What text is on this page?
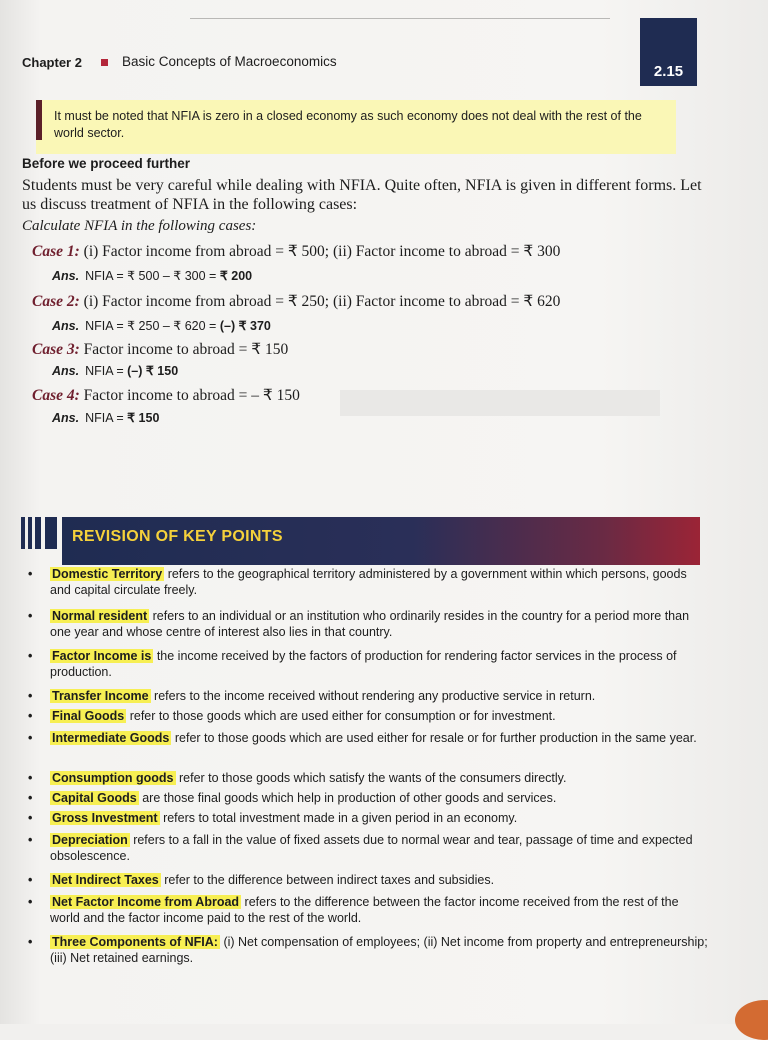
Chapter 2	Basic Concepts of Macroeconomics
2.15
It must be noted that NFIA is zero in a closed economy as such economy does not deal with the rest of the world sector.
Before we proceed further
Students must be very careful while dealing with NFIA. Quite often, NFIA is given in different forms. Let us discuss treatment of NFIA in the following cases:
Calculate NFIA in the following cases:
Case 1: (i) Factor income from abroad = ₹ 500; (ii) Factor income to abroad = ₹ 300
Ans. NFIA = ₹ 500 – ₹ 300 = ₹ 200
Case 2: (i) Factor income from abroad = ₹ 250; (ii) Factor income to abroad = ₹ 620
Ans. NFIA = ₹ 250 – ₹ 620 = (–) ₹ 370
Case 3: Factor income to abroad = ₹ 150
Ans. NFIA = (–) ₹ 150
Case 4: Factor income to abroad = – ₹ 150
Ans. NFIA = ₹ 150
REVISION OF KEY POINTS
• Domestic Territory refers to the geographical territory administered by a government within which persons, goods and capital circulate freely.
• Normal resident refers to an individual or an institution who ordinarily resides in the country for a period more than one year and whose centre of interest also lies in that country.
• Factor Income is the income received by the factors of production for rendering factor services in the process of production.
• Transfer Income refers to the income received without rendering any productive service in return.
• Final Goods refer to those goods which are used either for consumption or for investment.
• Intermediate Goods refer to those goods which are used either for resale or for further production in the same year.
• Consumption goods refer to those goods which satisfy the wants of the consumers directly.
• Capital Goods are those final goods which help in production of other goods and services.
• Gross Investment refers to total investment made in a given period in an economy.
• Depreciation refers to a fall in the value of fixed assets due to normal wear and tear, passage of time and expected obsolescence.
• Net Indirect Taxes refer to the difference between indirect taxes and subsidies.
• Net Factor Income from Abroad refers to the difference between the factor income received from the rest of the world and the factor income paid to the rest of the world.
• Three Components of NFIA: (i) Net compensation of employees; (ii) Net income from property and entrepreneurship; (iii) Net retained earnings.
